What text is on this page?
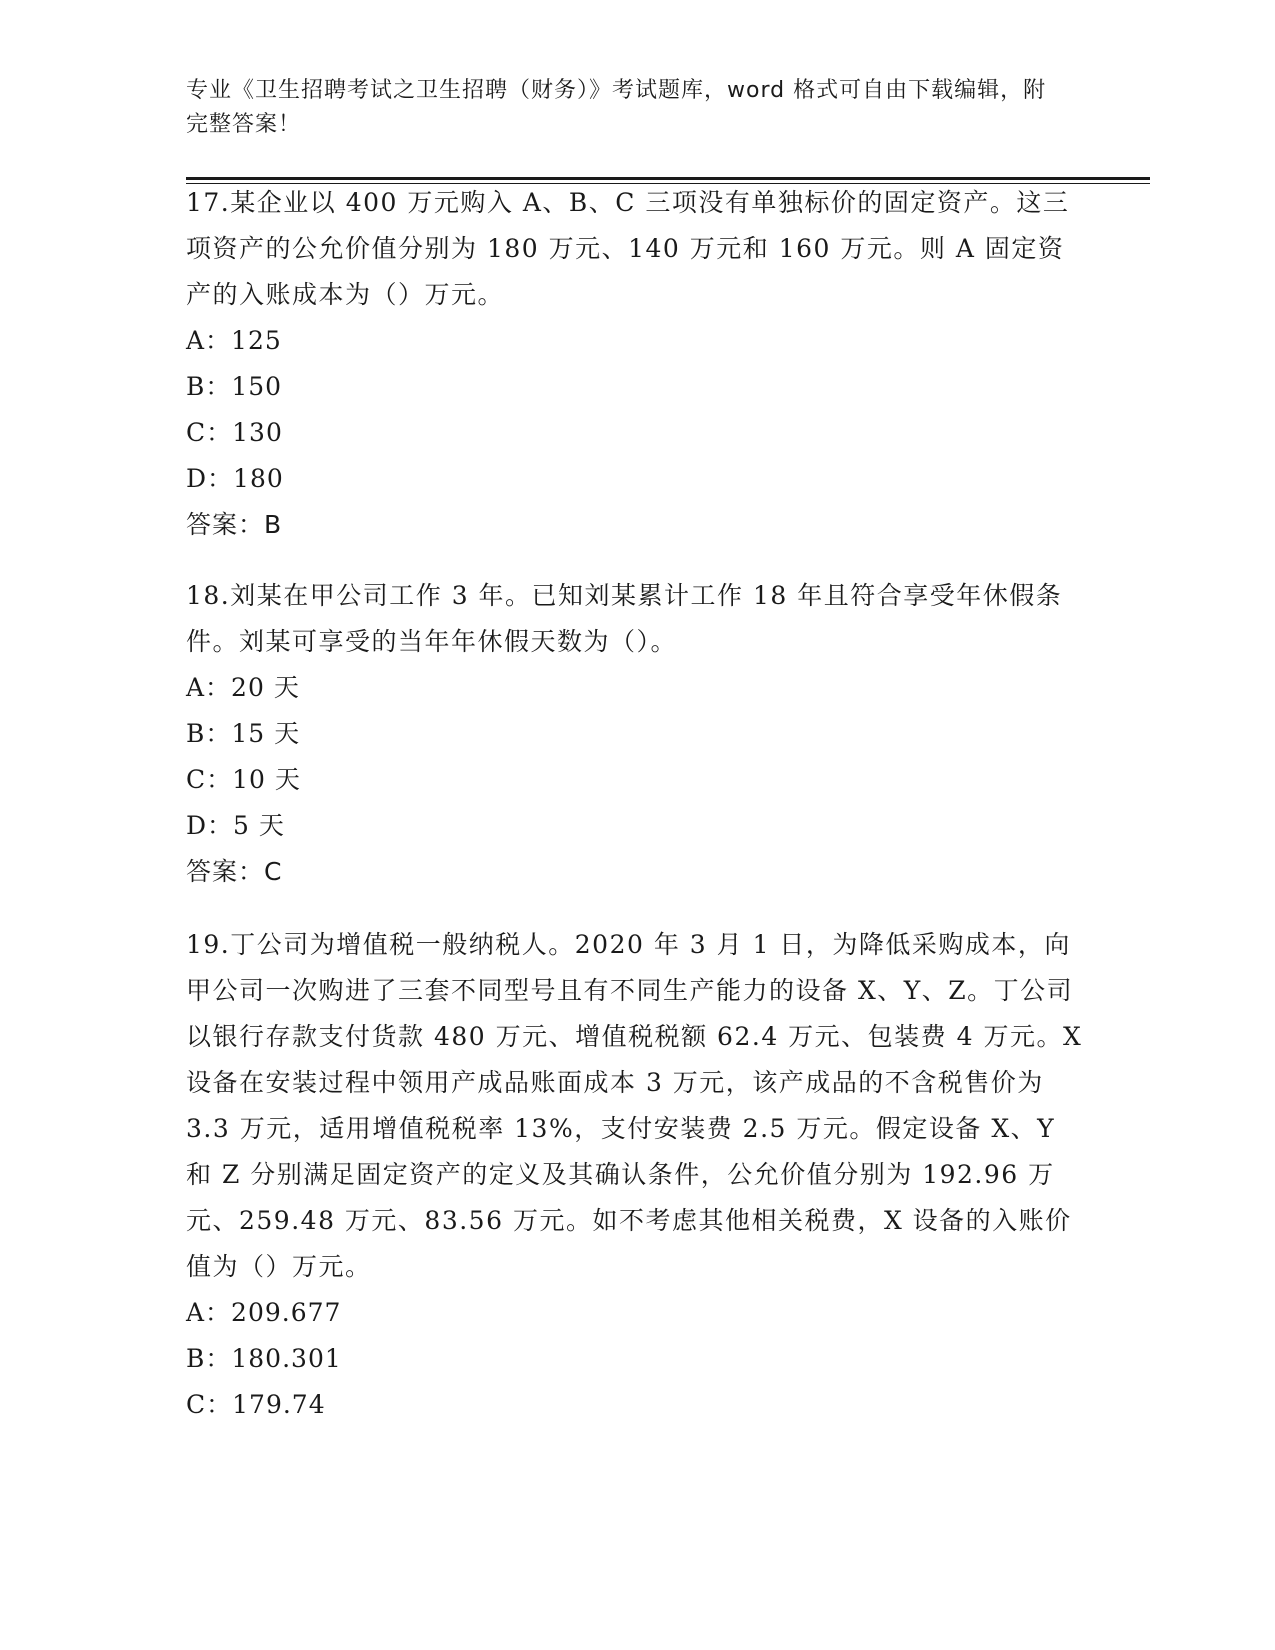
专业《卫生招聘考试之卫生招聘（财务）》考试题库，word 格式可自由下载编辑，附完整答案！

17.某企业以 400 万元购入 A、B、C 三项没有单独标价的固定资产。这三项资产的公允价值分别为 180 万元、140 万元和 160 万元。则 A 固定资产的入账成本为（）万元。

A：125

B：150

C：130

D：180

答案：B

18.刘某在甲公司工作 3 年。已知刘某累计工作 18 年且符合享受年休假条件。刘某可享受的当年年休假天数为（）。

A：20 天

B：15 天

C：10 天

D：5 天

答案：C

19.丁公司为增值税一般纳税人。2020 年 3 月 1 日，为降低采购成本，向甲公司一次购进了三套不同型号且有不同生产能力的设备 X、Y、Z。丁公司以银行存款支付货款 480 万元、增值税税额 62.4 万元、包装费 4 万元。X 设备在安装过程中领用产成品账面成本 3 万元，该产成品的不含税售价为 3.3 万元，适用增值税税率 13%，支付安装费 2.5 万元。假定设备 X、Y 和 Z 分别满足固定资产的定义及其确认条件，公允价值分别为 192.96 万元、259.48 万元、83.56 万元。如不考虑其他相关税费，X 设备的入账价值为（）万元。

A：209.677

B：180.301

C：179.74
